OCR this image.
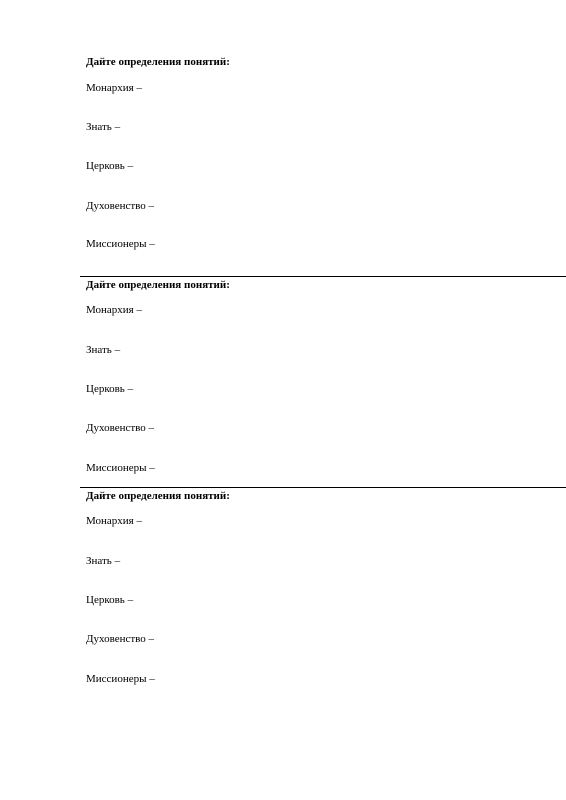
Дайте определения понятий:
Монархия –
Знать –
Церковь –
Духовенство –
Миссионеры –
Дайте определения понятий:
Монархия –
Знать –
Церковь –
Духовенство –
Миссионеры –
Дайте определения понятий:
Монархия –
Знать –
Церковь –
Духовенство –
Миссионеры –
